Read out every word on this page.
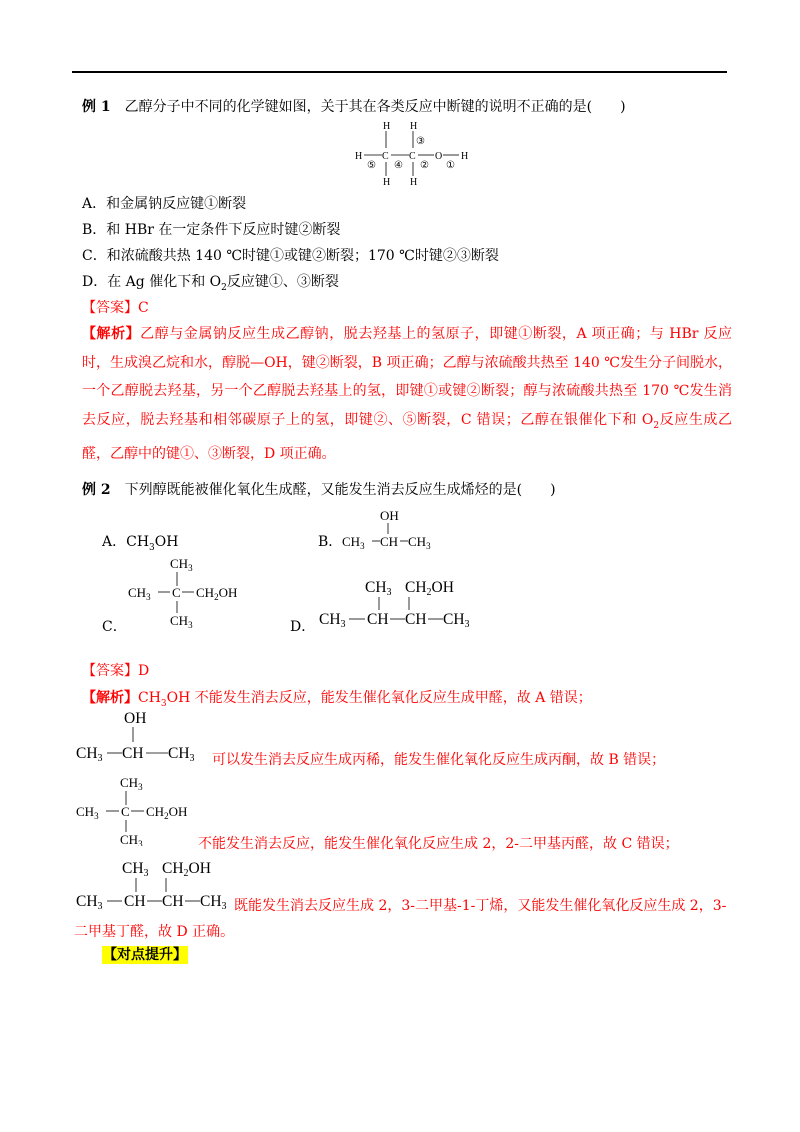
例 1 乙醇分子中不同的化学键如图，关于其在各类反应中断键的说明不正确的是(　　)
H C C O H
H
H
H
H
⑤ ④ ② ①
③
A．和金属钠反应键①断裂
B．和 HBr 在一定条件下反应时键②断裂
C．和浓硫酸共热 140 ℃时键①或键②断裂；170 ℃时键②③断裂
D．在 Ag 催化下和 $O_2$反应键①、③断裂
【答案】C
【解析】乙醇与金属钠反应生成乙醇钠，脱去羟基上的氢原子，即键①断裂，A 项正确；与 HBr 反应时，生成溴乙烷和水，醇脱—OH，键②断裂，B 项正确；乙醇与浓硫酸共热至 140 ℃发生分子间脱水，一个乙醇脱去羟基，另一个乙醇脱去羟基上的氢，即键①或键②断裂；醇与浓硫酸共热至 170 ℃发生消去反应，脱去羟基和相邻碳原子上的氢，即键②、⑤断裂，C 错误；乙醇在银催化下和 $O_2$反应生成乙醛，乙醇中的键①、③断裂，D 项正确。
例 2 下列醇既能被催化氧化生成醛，又能发生消去反应生成烯烃的是(　　)
A．$CH_3OH$	B．
OH
$CH_3$ CH $CH_3$
C．
$CH_3$
$CH_3$ C $CH_2OH$
$CH_3$	D．
CH3 CH2OH
CH3 CH CH CH3
【答案】D
【解析】$CH_3OH$ 不能发生消去反应，能发生催化氧化反应生成甲醛，故 A 错误；
OH
CH3 CH CH3 可以发生消去反应生成丙稀，能发生催化氧化反应生成丙酮，故 B 错误；
$CH_3$
$CH_3$ C $CH_2OH$
$CH_3$	不能发生消去反应，能发生催化氧化反应生成 2，2-二甲基丙醛，故 C 错误；
CH3 CH2OH
CH3 CH CH CH3 既能发生消去反应生成 2，3-二甲基-1-丁烯，又能发生催化氧化反应生成 2，3-
二甲基丁醛，故 D 正确。
【对点提升】
